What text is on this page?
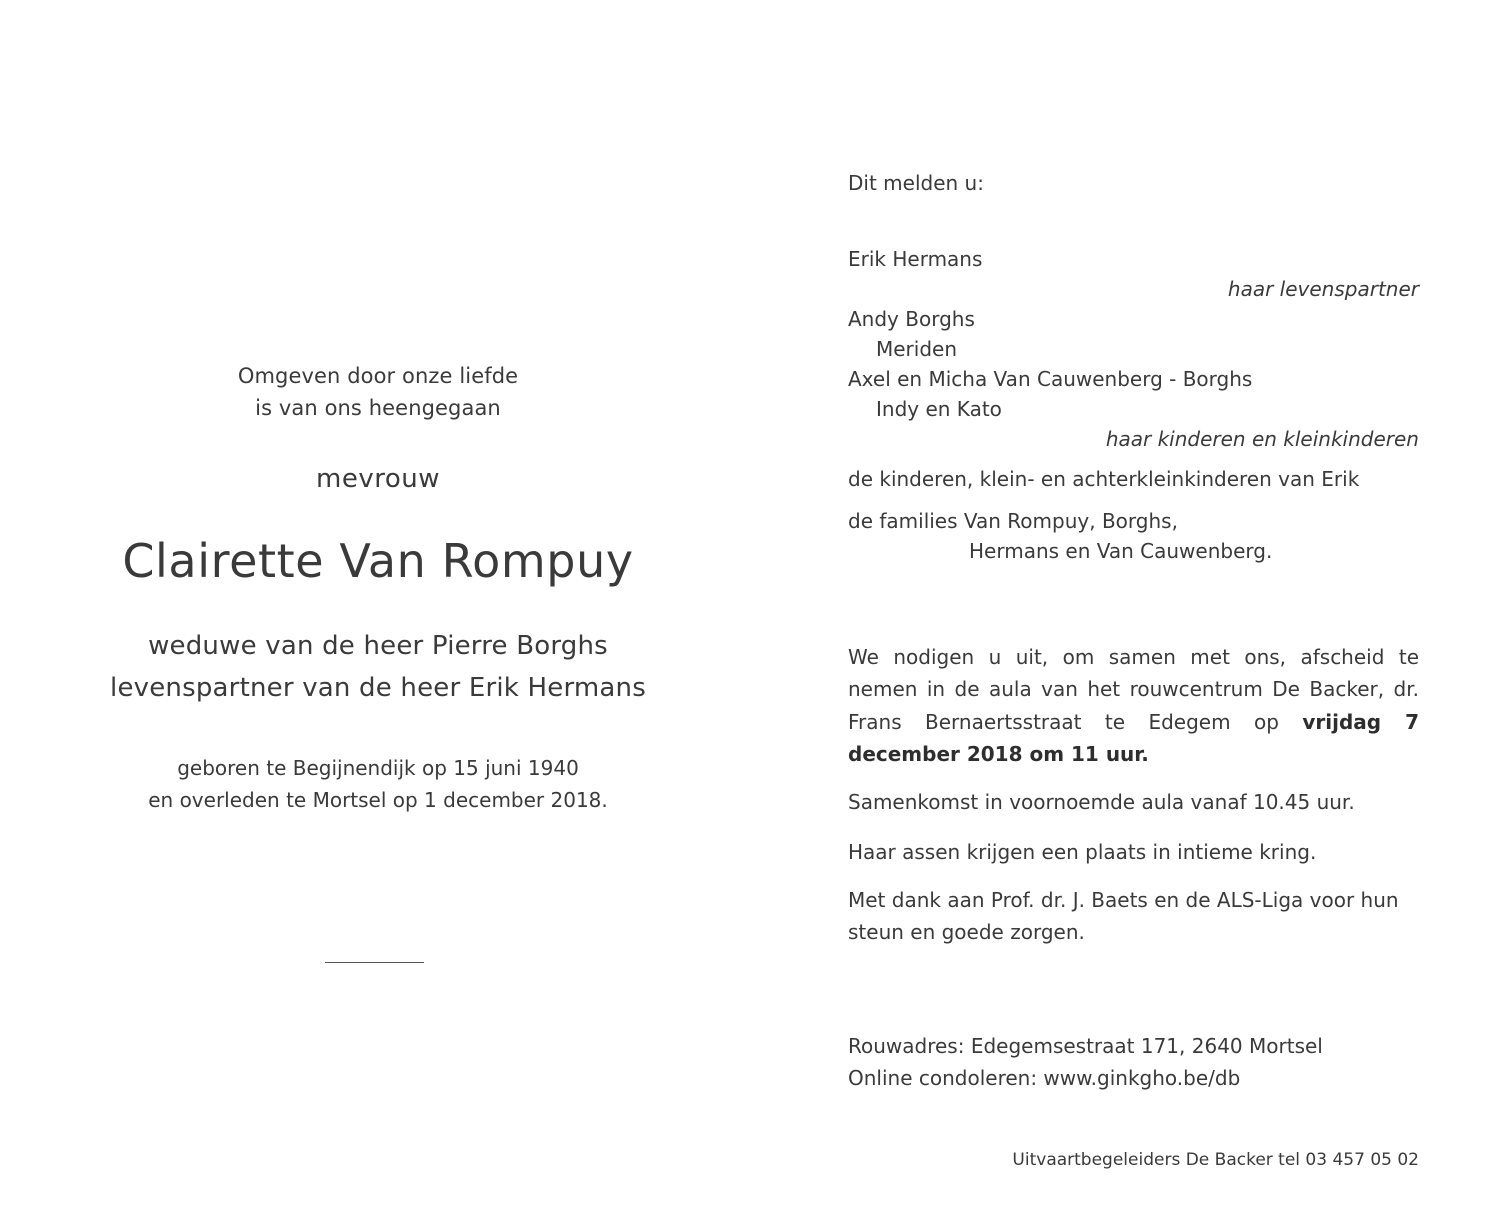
Omgeven door onze liefde
is van ons heengegaan
mevrouw
Clairette Van Rompuy
weduwe van de heer Pierre Borghs
levenspartner van de heer Erik Hermans
geboren te Begijnendijk op 15 juni 1940
en overleden te Mortsel op 1 december 2018.
Dit melden u:
Erik Hermans
haar levenspartner
Andy Borghs
Meriden
Axel en Micha Van Cauwenberg - Borghs
Indy en Kato
haar kinderen en kleinkinderen
de kinderen, klein- en achterkleinkinderen van Erik
de families Van Rompuy, Borghs,
Hermans en Van Cauwenberg.
We nodigen u uit, om samen met ons, afscheid te nemen in de aula van het rouwcentrum De Backer, dr. Frans Bernaertsstraat te Edegem op vrijdag 7 december 2018 om 11 uur.
Samenkomst in voornoemde aula vanaf 10.45 uur.
Haar assen krijgen een plaats in intieme kring.
Met dank aan Prof. dr. J. Baets en de ALS-Liga voor hun
steun en goede zorgen.
Rouwadres: Edegemsestraat 171, 2640 Mortsel
Online condoleren: www.ginkgho.be/db
Uitvaartbegeleiders De Backer tel 03 457 05 02
